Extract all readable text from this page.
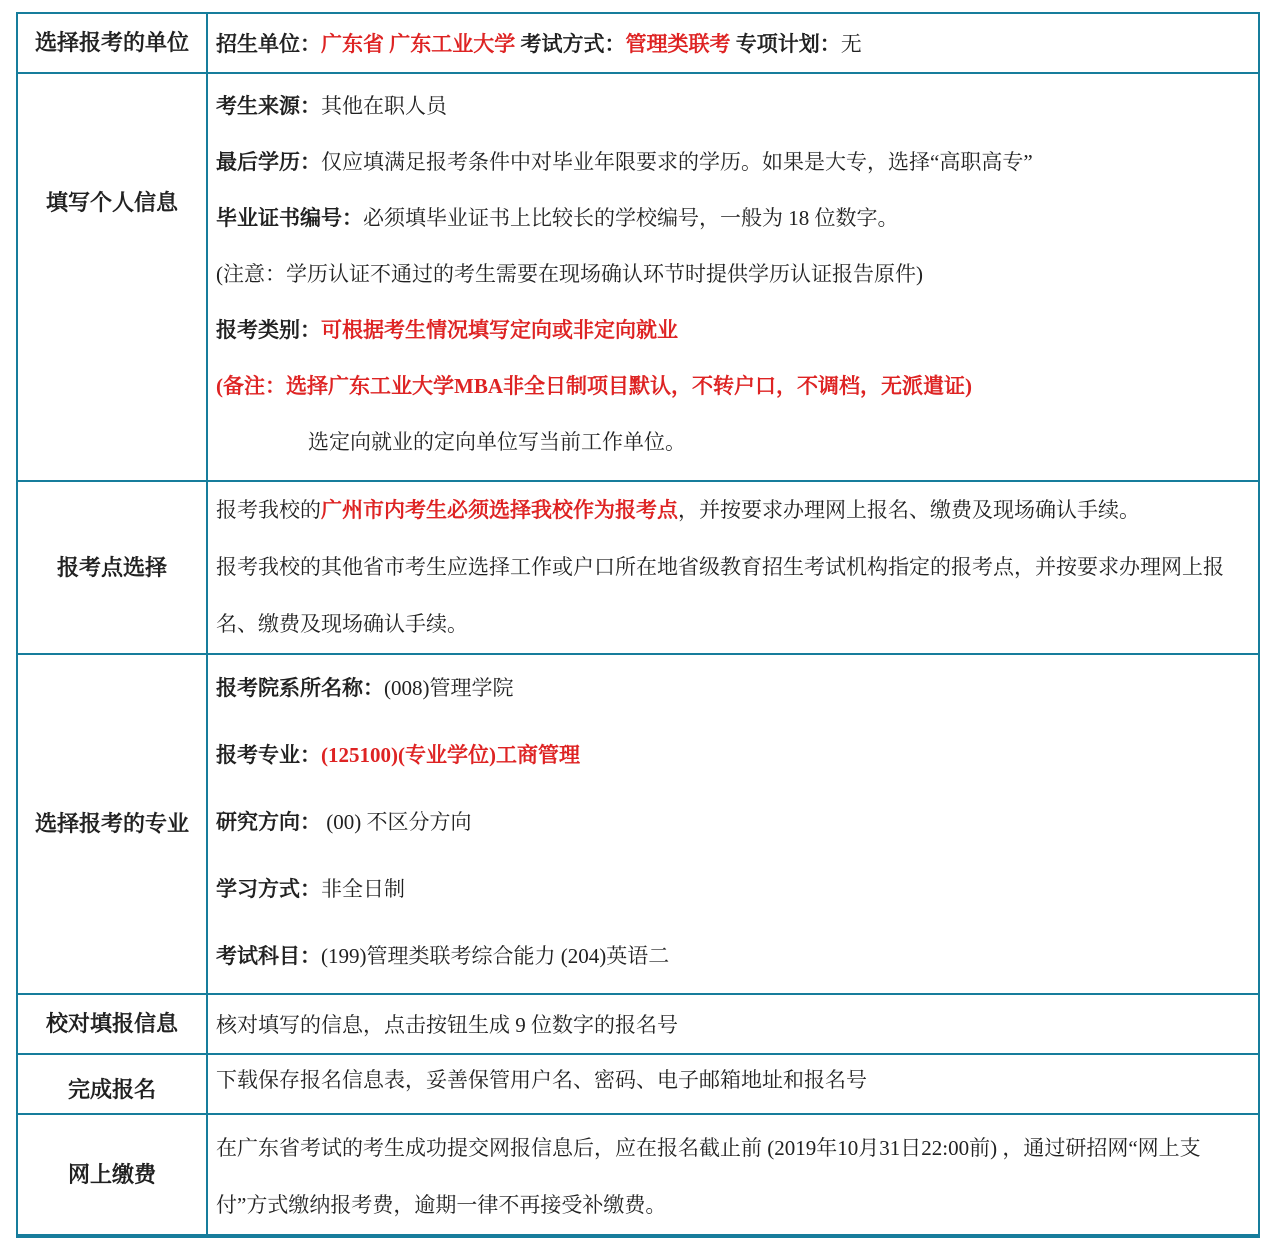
选择报考的单位 招生单位：广东省 广东工业大学 考试方式：管理类联考 专项计划：无

填写个人信息

考生来源：其他在职人员

最后学历：仅应填满足报考条件中对毕业年限要求的学历。如果是大专，选择“高职高专”

毕业证书编号：必须填毕业证书上比较长的学校编号，一般为 18 位数字。

(注意：学历认证不通过的考生需要在现场确认环节时提供学历认证报告原件)

报考类别：可根据考生情况填写定向或非定向就业

(备注：选择广东工业大学MBA非全日制项目默认，不转户口，不调档，无派遣证)

选定向就业的定向单位写当前工作单位。

报考点选择

报考我校的广州市内考生必须选择我校作为报考点，并按要求办理网上报名、缴费及现场确认手续。

报考我校的其他省市考生应选择工作或户口所在地省级教育招生考试机构指定的报考点，并按要求办理网上报名、缴费及现场确认手续。

选择报考的专业

报考院系所名称：(008)管理学院

报考专业：(125100)(专业学位)工商管理

研究方向： (00) 不区分方向

学习方式：非全日制

考试科目：(199)管理类联考综合能力 (204)英语二

校对填报信息 核对填写的信息，点击按钮生成 9 位数字的报名号

完成报名	下载保存报名信息表，妥善保管用户名、密码、电子邮箱地址和报名号

网上缴费

在广东省考试的考生成功提交网报信息后，应在报名截止前 (2019年10月31日22:00前) ，通过研招网“网上支付”方式缴纳报考费，逾期一律不再接受补缴费。
